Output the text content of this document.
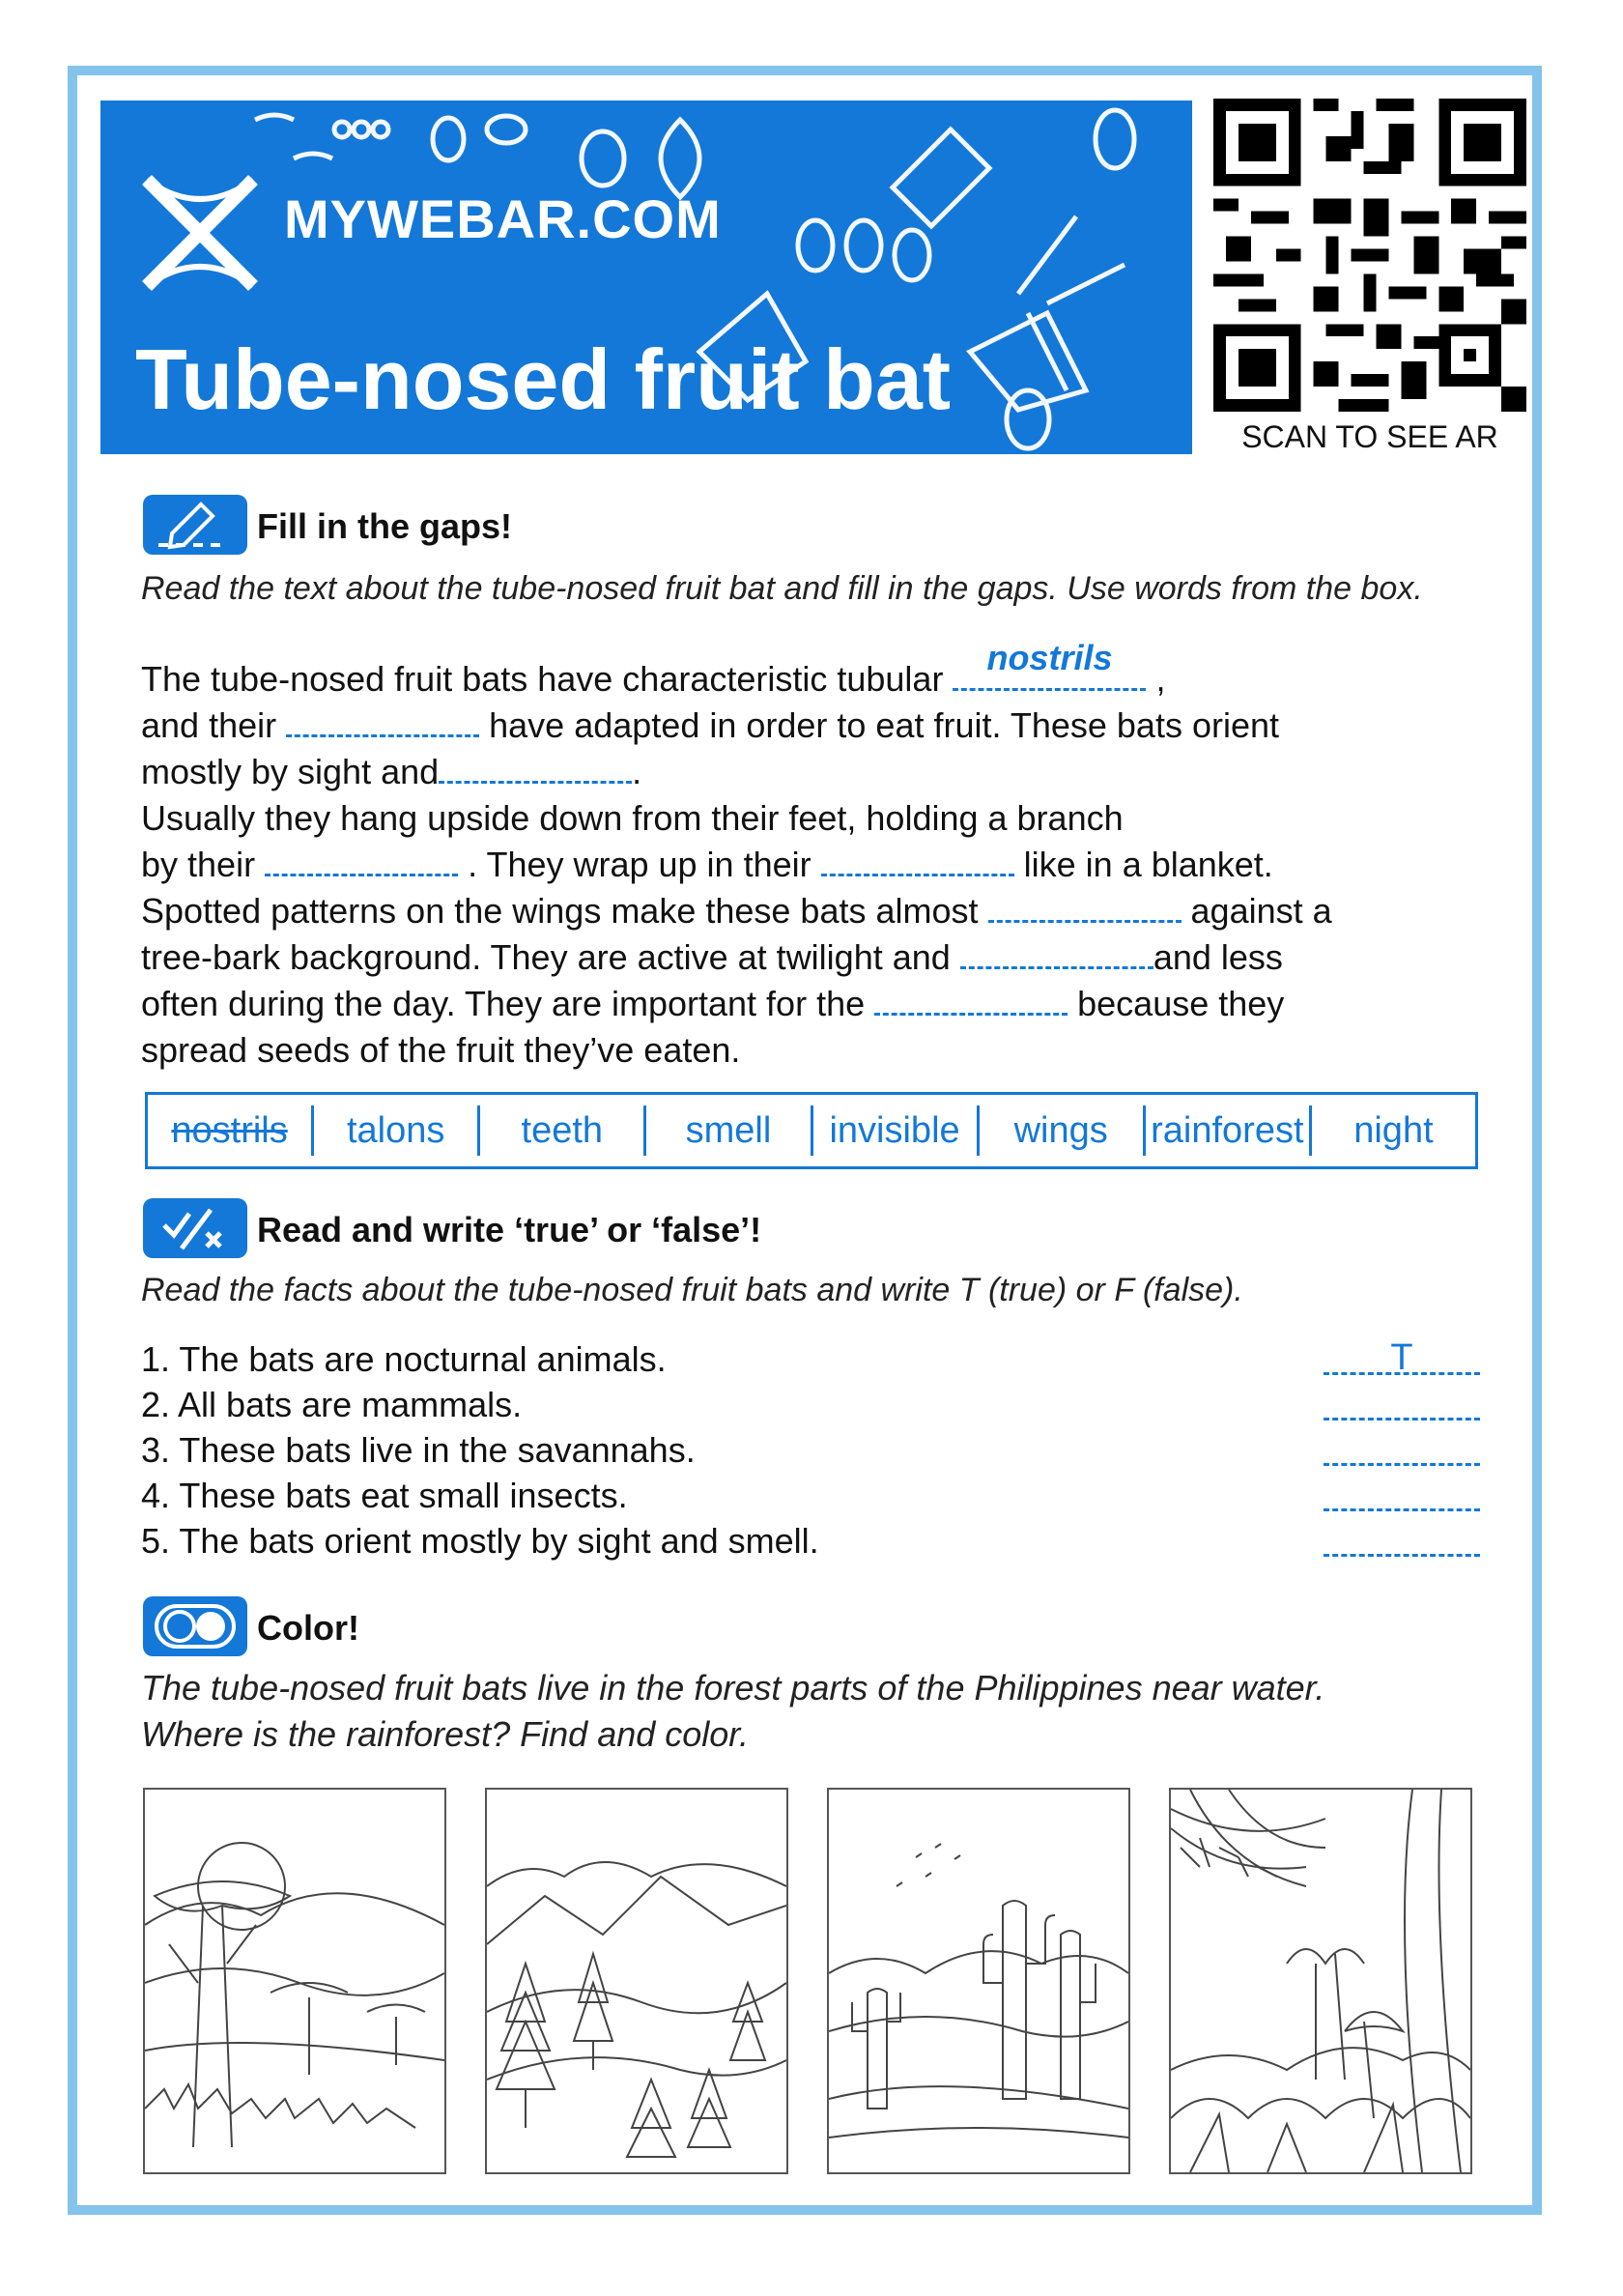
MYWEBAR.COM
Tube-nosed fruit bat
SCAN TO SEE AR
Fill in the gaps!
Read the text about the tube-nosed fruit bat and fill in the gaps. Use words from the box.
The tube-nosed fruit bats have characteristic tubular
nostrils
,
and their	have adapted in order to eat fruit. These bats orient
mostly by sight and	.
Usually they hang upside down from their feet, holding a branch
by their	. They wrap up in their	like in a blanket.
Spotted patterns on the wings make these bats almost	against a
tree-bark background. They are active at twilight and	and less
often during the day. They are important for the	because they
spread seeds of the fruit they’ve eaten.
nostrils	talons	teeth	smell	invisible	wings	rainforest	night
Read and write ‘true’ or ‘false’!
Read the facts about the tube-nosed fruit bats and write T (true) or F (false).
1. The bats are nocturnal animals.
2. All bats are mammals.
3. These bats live in the savannahs.
4. These bats eat small insects.
5. The bats orient mostly by sight and smell.
T
Color!
The tube-nosed fruit bats live in the forest parts of the Philippines near water.
Where is the rainforest? Find and color.
